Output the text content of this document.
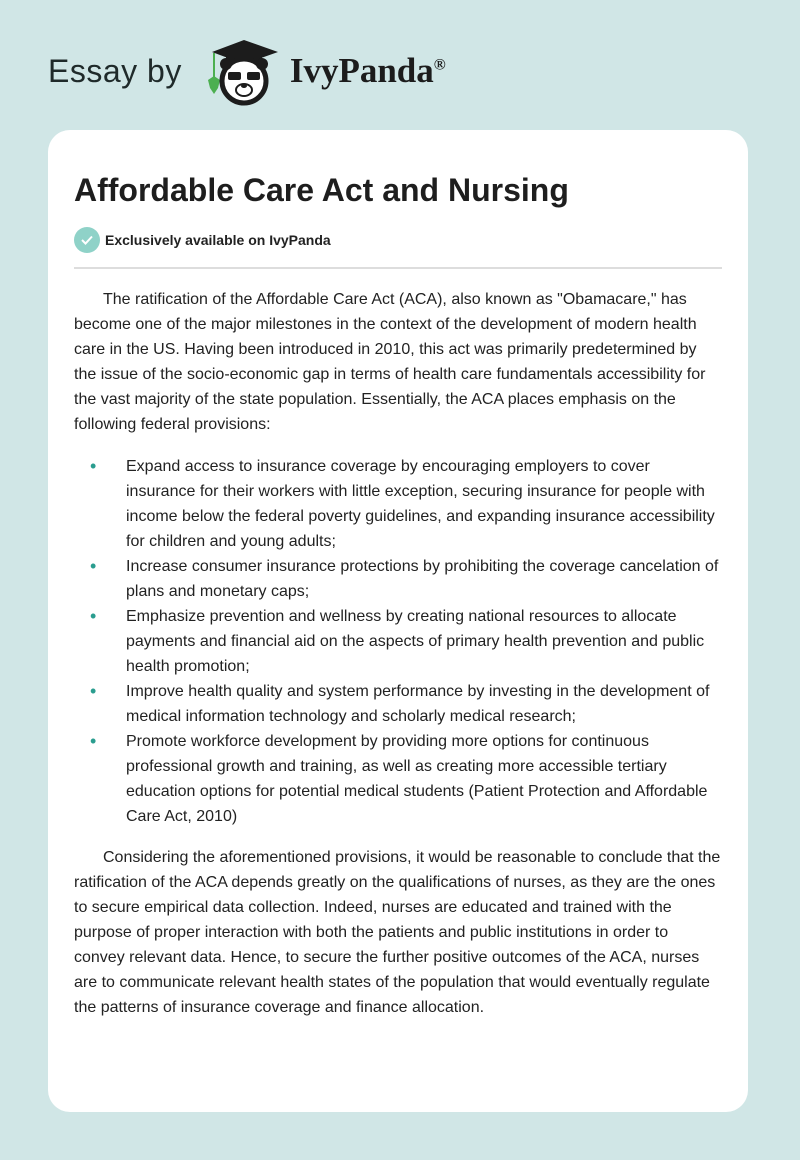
Essay by	IvyPanda®
Affordable Care Act and Nursing
Exclusively available on IvyPanda

The ratification of the Affordable Care Act (ACA), also known as "Obamacare," has become one of the major milestones in the context of the development of modern health care in the US. Having been introduced in 2010, this act was primarily predetermined by the issue of the socio-economic gap in terms of health care fundamentals accessibility for the vast majority of the state population. Essentially, the ACA places emphasis on the following federal provisions:

• Expand access to insurance coverage by encouraging employers to cover insurance for their workers with little exception, securing insurance for people with income below the federal poverty guidelines, and expanding insurance accessibility for children and young adults;
• Increase consumer insurance protections by prohibiting the coverage cancelation of plans and monetary caps;
• Emphasize prevention and wellness by creating national resources to allocate payments and financial aid on the aspects of primary health prevention and public health promotion;
• Improve health quality and system performance by investing in the development of medical information technology and scholarly medical research;
• Promote workforce development by providing more options for continuous professional growth and training, as well as creating more accessible tertiary education options for potential medical students (Patient Protection and Affordable Care Act, 2010)

Considering the aforementioned provisions, it would be reasonable to conclude that the ratification of the ACA depends greatly on the qualifications of nurses, as they are the ones to secure empirical data collection. Indeed, nurses are educated and trained with the purpose of proper interaction with both the patients and public institutions in order to convey relevant data. Hence, to secure the further positive outcomes of the ACA, nurses are to communicate relevant health states of the population that would eventually regulate the patterns of insurance coverage and finance allocation.
